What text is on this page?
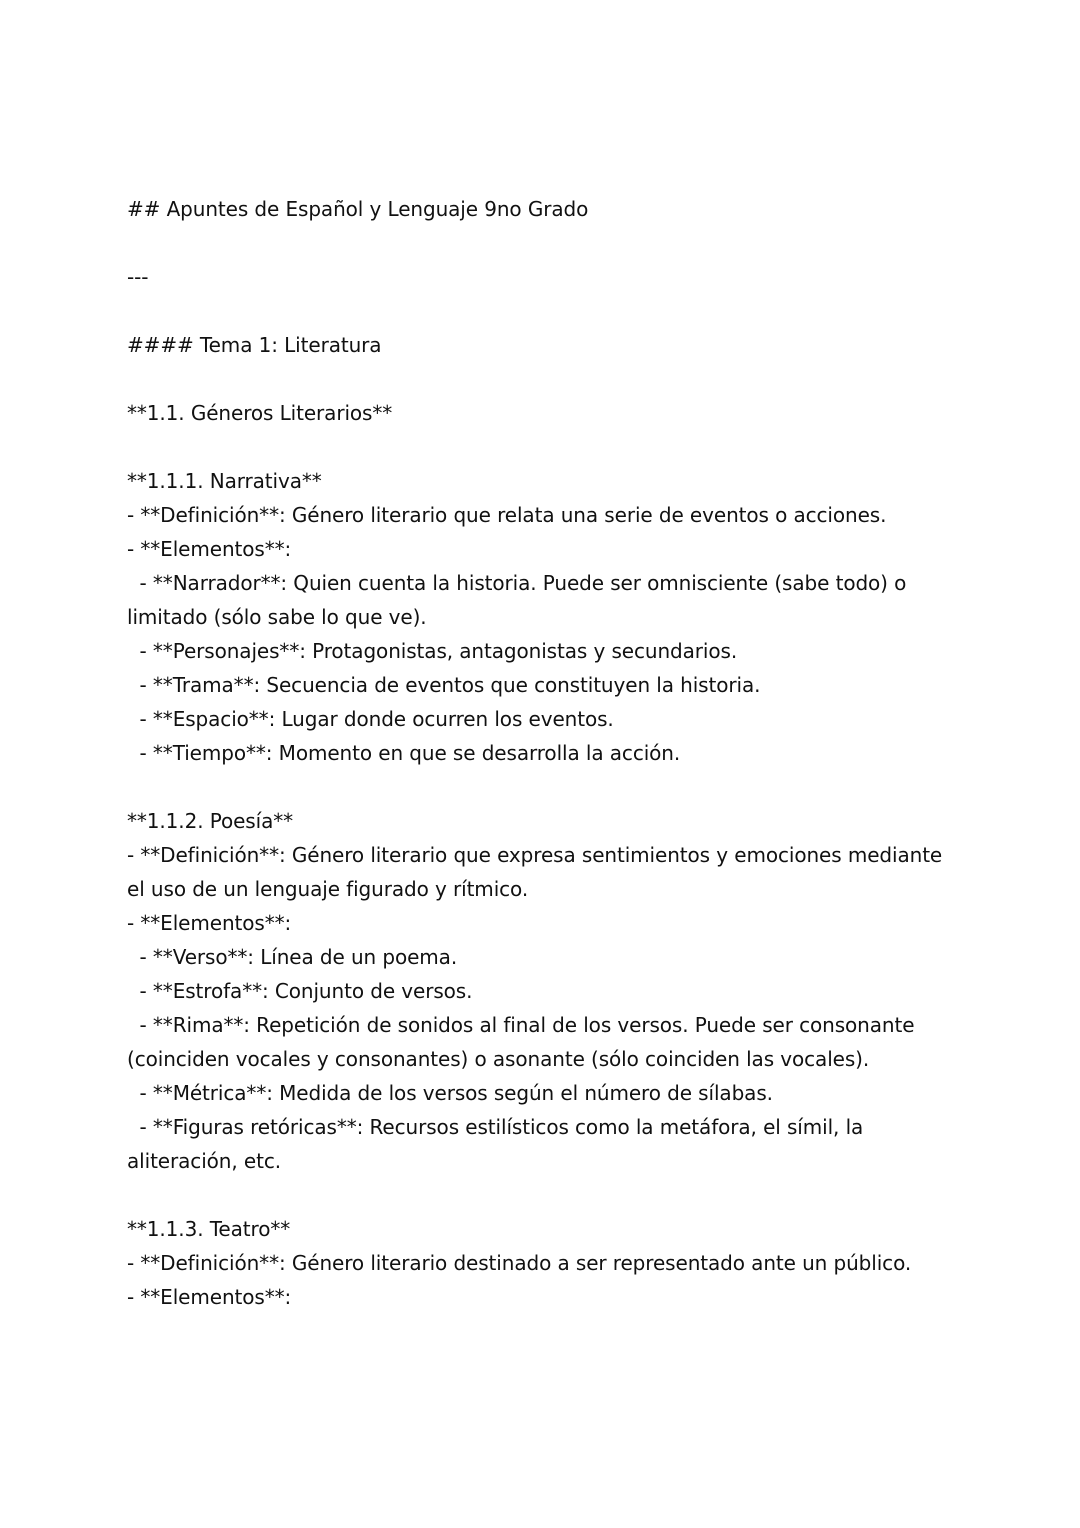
## Apuntes de Español y Lenguaje 9no Grado

---

#### Tema 1: Literatura

**1.1. Géneros Literarios**

**1.1.1. Narrativa**

- **Definición**: Género literario que relata una serie de eventos o acciones.

- **Elementos**:

- **Narrador**: Quien cuenta la historia. Puede ser omnisciente (sabe todo) o limitado (sólo sabe lo que ve).

- **Personajes**: Protagonistas, antagonistas y secundarios.

- **Trama**: Secuencia de eventos que constituyen la historia.

- **Espacio**: Lugar donde ocurren los eventos.

- **Tiempo**: Momento en que se desarrolla la acción.

**1.1.2. Poesía**

- **Definición**: Género literario que expresa sentimientos y emociones mediante el uso de un lenguaje figurado y rítmico.

- **Elementos**:

- **Verso**: Línea de un poema.

- **Estrofa**: Conjunto de versos.

- **Rima**: Repetición de sonidos al final de los versos. Puede ser consonante (coinciden vocales y consonantes) o asonante (sólo coinciden las vocales).

- **Métrica**: Medida de los versos según el número de sílabas.

- **Figuras retóricas**: Recursos estilísticos como la metáfora, el símil, la aliteración, etc.

**1.1.3. Teatro**

- **Definición**: Género literario destinado a ser representado ante un público.

- **Elementos**:
